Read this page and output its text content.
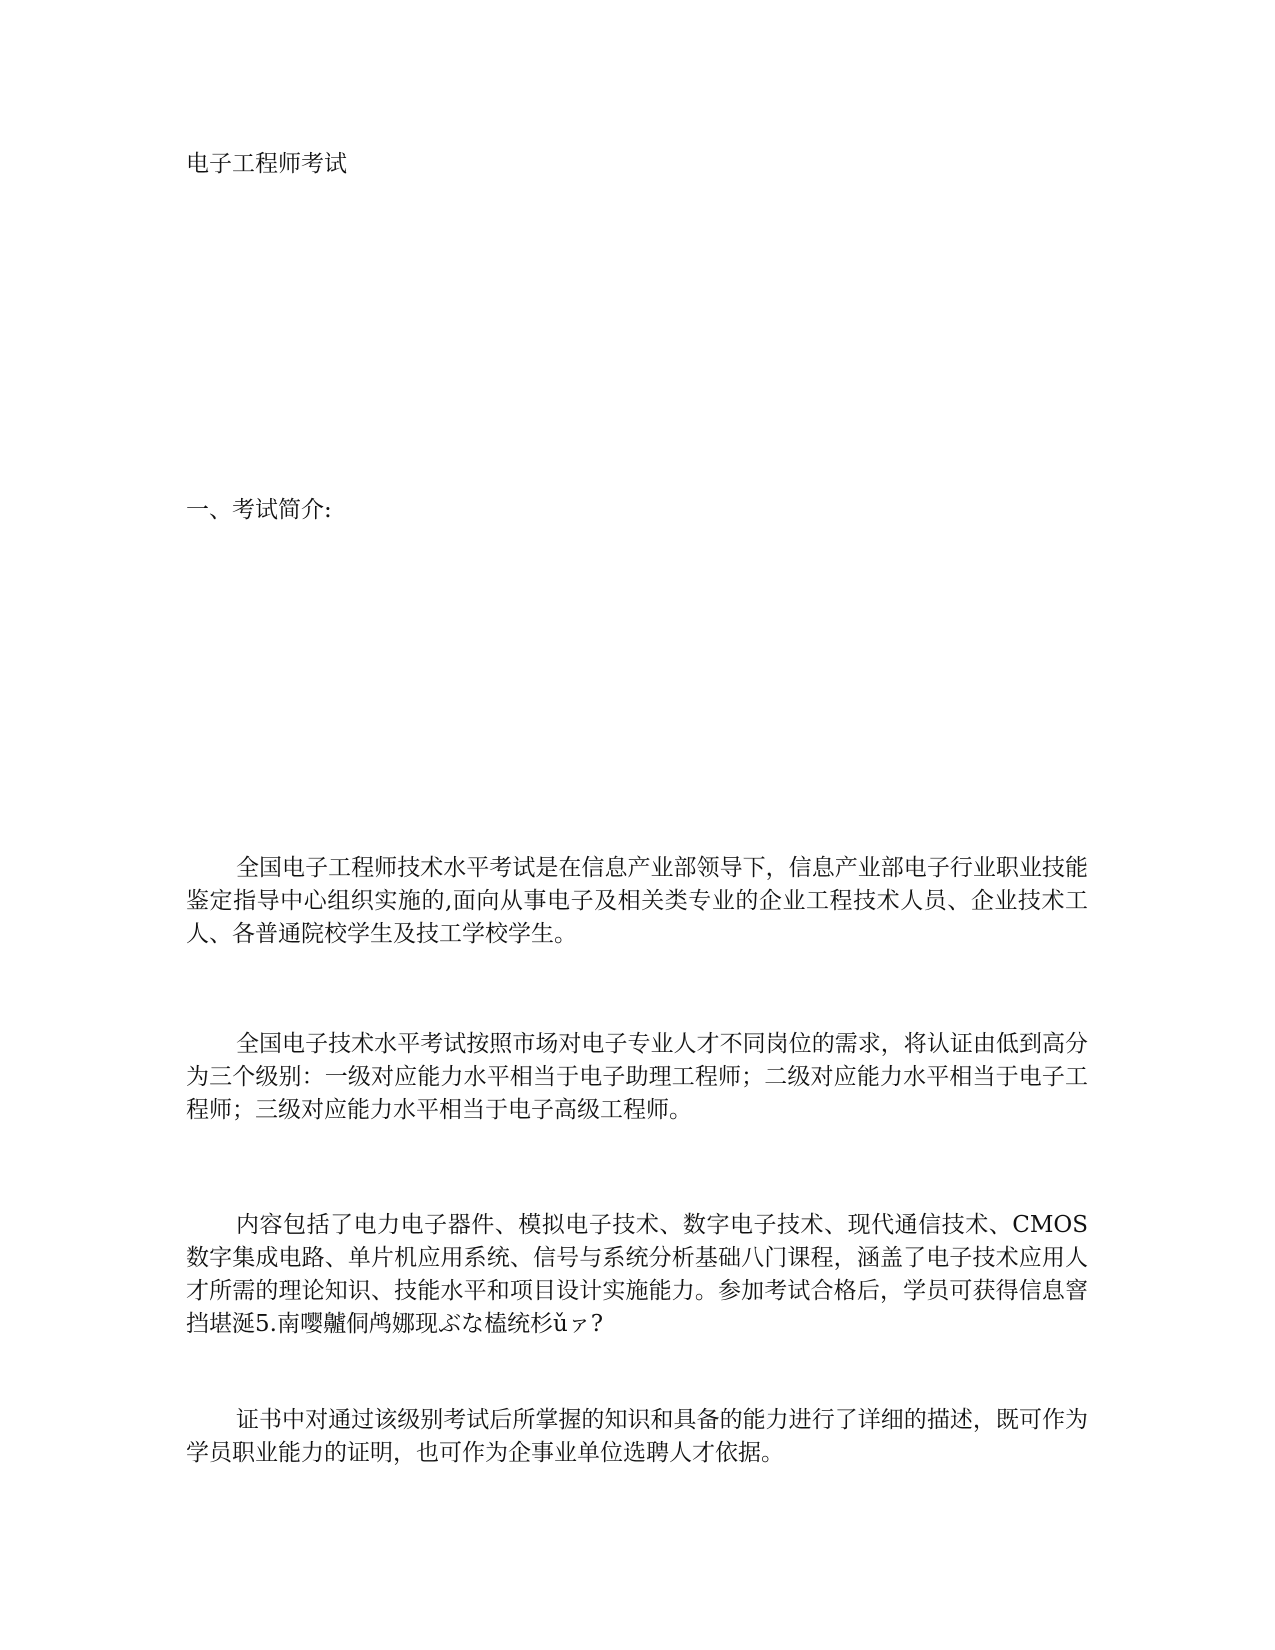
电子工程师考试
一、考试简介:

全国电子工程师技术水平考试是在信息产业部领导下，信息产业部电子行业职业技能鉴定指导中心组织实施的,面向从事电子及相关类专业的企业工程技术人员、企业技术工人、各普通院校学生及技工学校学生。

全国电子技术水平考试按照市场对电子专业人才不同岗位的需求，将认证由低到高分为三个级别：一级对应能力水平相当于电子助理工程师；二级对应能力水平相当于电子工程师；三级对应能力水平相当于电子高级工程师。

内容包括了电力电子器件、模拟电子技术、数字电子技术、现代通信技术、CMOS数字集成电路、单片机应用系统、信号与系统分析基础八门课程，涵盖了电子技术应用人才所需的理论知识、技能水平和项目设计实施能力。参加考试合格后，学员可获得信息窨挡堪涎5.南嘤齇侗鸬娜现ぶな榼统杉ǔァ?

证书中对通过该级别考试后所掌握的知识和具备的能力进行了详细的描述，既可作为学员职业能力的证明，也可作为企事业单位选聘人才依据。
